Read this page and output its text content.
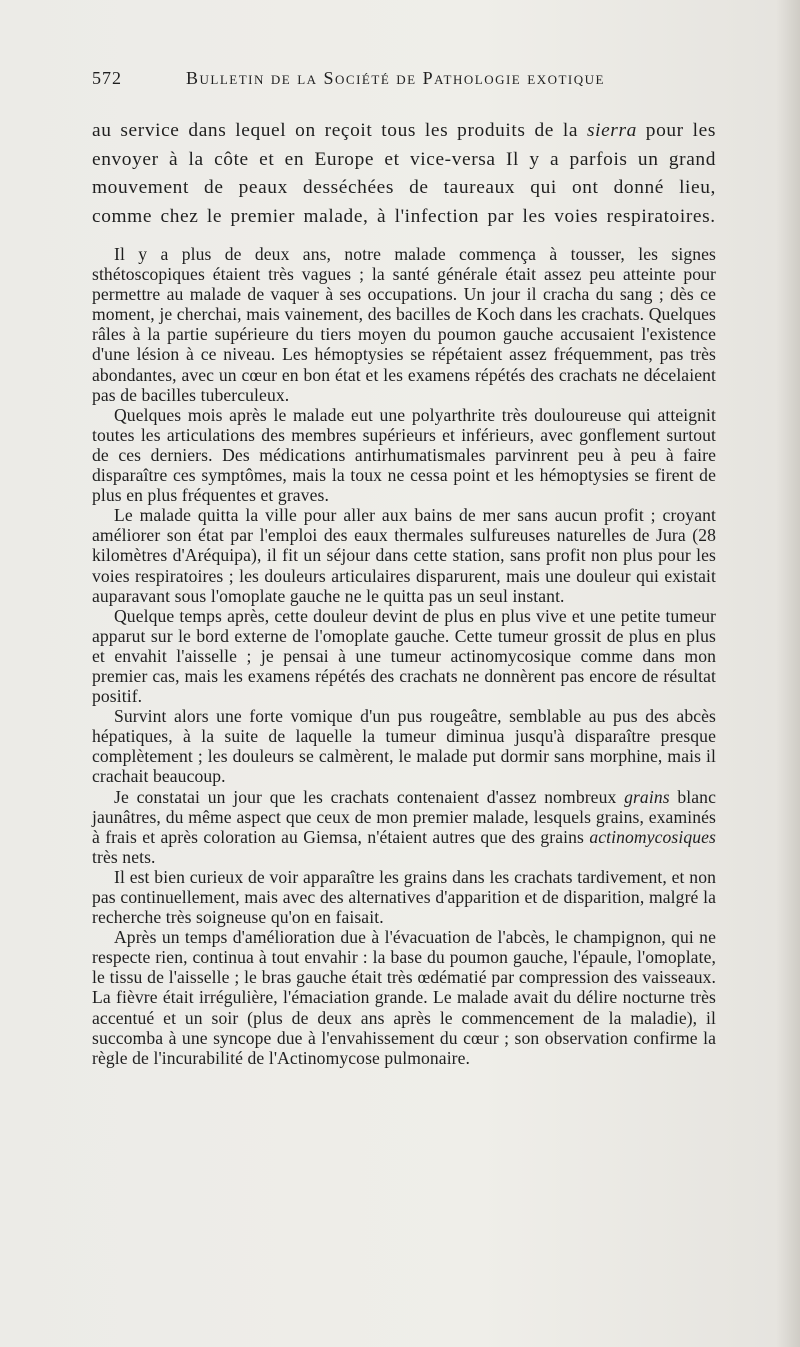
572	Bulletin de la Société de Pathologie exotique

au service dans lequel on reçoit tous les produits de la sierra pour les envoyer à la côte et en Europe et vice-versa Il y a parfois un grand mouvement de peaux desséchées de taureaux qui ont donné lieu, comme chez le premier malade, à l'infection par les voies respiratoires.

Il y a plus de deux ans, notre malade commença à tousser, les signes sthétoscopiques étaient très vagues ; la santé générale était assez peu atteinte pour permettre au malade de vaquer à ses occupations. Un jour il cracha du sang ; dès ce moment, je cherchai, mais vainement, des bacilles de Koch dans les crachats. Quelques râles à la partie supérieure du tiers moyen du poumon gauche accusaient l'existence d'une lésion à ce niveau. Les hémoptysies se répétaient assez fréquemment, pas très abondantes, avec un cœur en bon état et les examens répétés des crachats ne décelaient pas de bacilles tuberculeux.

Quelques mois après le malade eut une polyarthrite très douloureuse qui atteignit toutes les articulations des membres supérieurs et inférieurs, avec gonflement surtout de ces derniers. Des médications antirhumatismales parvinrent peu à peu à faire disparaître ces symptômes, mais la toux ne cessa point et les hémoptysies se firent de plus en plus fréquentes et graves.

Le malade quitta la ville pour aller aux bains de mer sans aucun profit ; croyant améliorer son état par l'emploi des eaux thermales sulfureuses naturelles de Jura (28 kilomètres d'Aréquipa), il fit un séjour dans cette station, sans profit non plus pour les voies respiratoires ; les douleurs articulaires disparurent, mais une douleur qui existait auparavant sous l'omoplate gauche ne le quitta pas un seul instant.

Quelque temps après, cette douleur devint de plus en plus vive et une petite tumeur apparut sur le bord externe de l'omoplate gauche. Cette tumeur grossit de plus en plus et envahit l'aisselle ; je pensai à une tumeur actinomycosique comme dans mon premier cas, mais les examens répétés des crachats ne donnèrent pas encore de résultat positif.

Survint alors une forte vomique d'un pus rougeâtre, semblable au pus des abcès hépatiques, à la suite de laquelle la tumeur diminua jusqu'à disparaître presque complètement ; les douleurs se calmèrent, le malade put dormir sans morphine, mais il crachait beaucoup.

Je constatai un jour que les crachats contenaient d'assez nombreux grains blanc jaunâtres, du même aspect que ceux de mon premier malade, lesquels grains, examinés à frais et après coloration au Giemsa, n'étaient autres que des grains actinomycosiques très nets.

Il est bien curieux de voir apparaître les grains dans les crachats tardivement, et non pas continuellement, mais avec des alternatives d'apparition et de disparition, malgré la recherche très soigneuse qu'on en faisait.

Après un temps d'amélioration due à l'évacuation de l'abcès, le champignon, qui ne respecte rien, continua à tout envahir : la base du poumon gauche, l'épaule, l'omoplate, le tissu de l'aisselle ; le bras gauche était très œdématié par compression des vaisseaux. La fièvre était irrégulière, l'émaciation grande. Le malade avait du délire nocturne très accentué et un soir (plus de deux ans après le commencement de la maladie), il succomba à une syncope due à l'envahissement du cœur ; son observation confirme la règle de l'incurabilité de l'Actinomycose pulmonaire.
